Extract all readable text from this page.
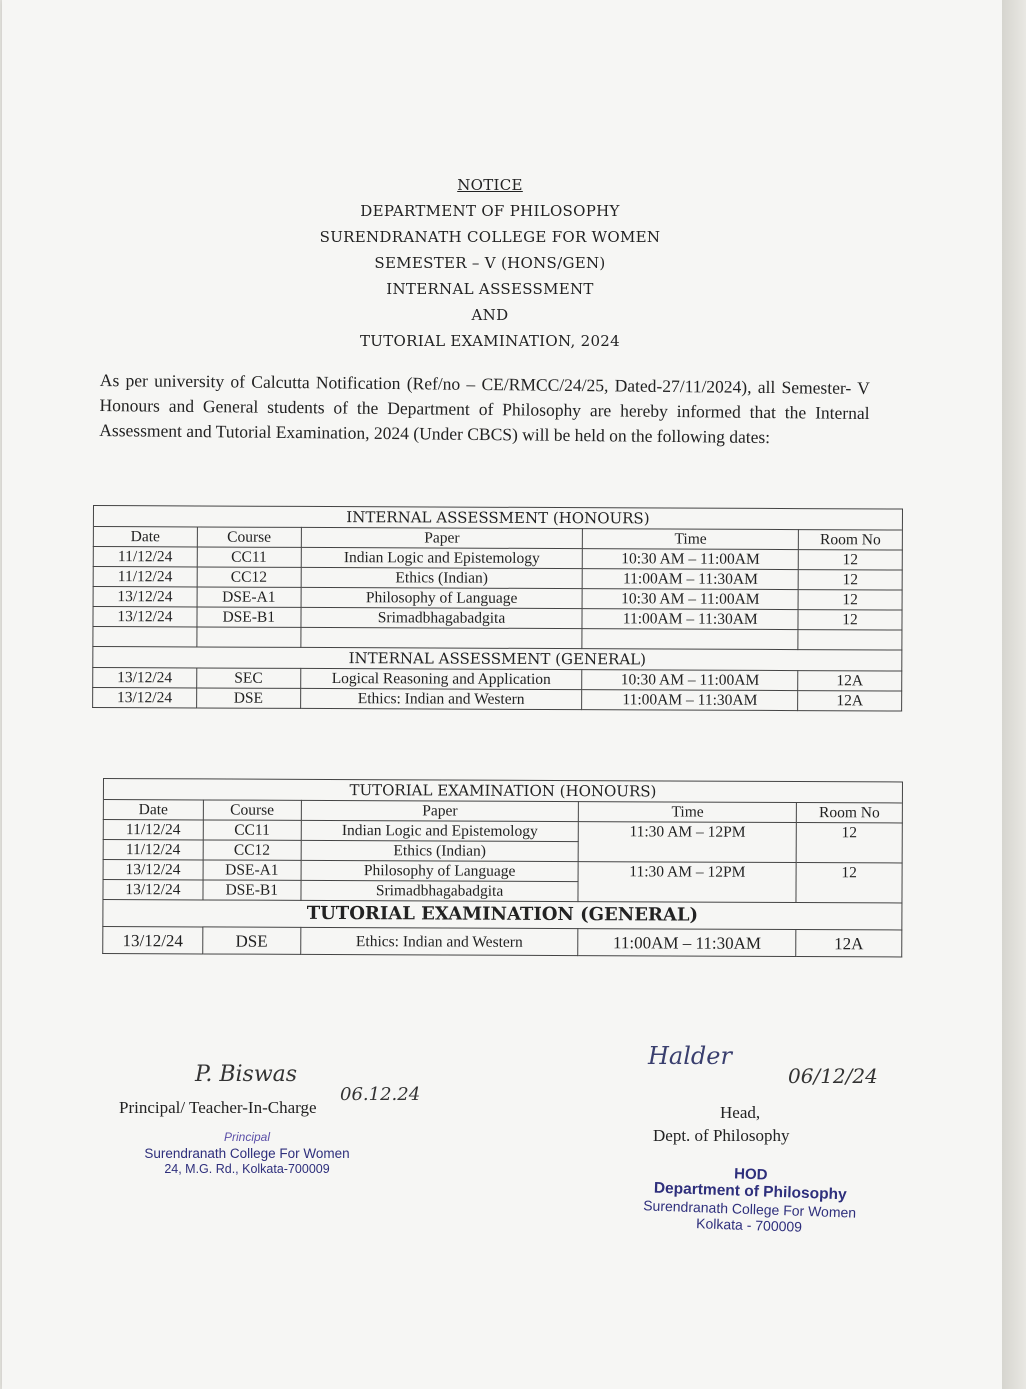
NOTICE
DEPARTMENT OF PHILOSOPHY
SURENDRANATH COLLEGE FOR WOMEN
SEMESTER – V (HONS/GEN)
INTERNAL ASSESSMENT
AND
TUTORIAL EXAMINATION, 2024
As per university of Calcutta Notification (Ref/no – CE/RMCC/24/25, Dated-27/11/2024), all Semester- V Honours and General students of the Department of Philosophy are hereby informed that the Internal Assessment and Tutorial Examination, 2024 (Under CBCS) will be held on the following dates:
INTERNAL ASSESSMENT (HONOURS)				
Date	Course	Paper	Time	Room No
11/12/24	CC11	Indian Logic and Epistemology	10:30 AM – 11:00AM	12
11/12/24	CC12	Ethics (Indian)	11:00AM – 11:30AM	12
13/12/24	DSE-A1	Philosophy of Language	10:30 AM – 11:00AM	12
13/12/24	DSE-B1	Srimadbhagabadgita	11:00AM – 11:30AM	12

INTERNAL ASSESSMENT (GENERAL)				
13/12/24	SEC	Logical Reasoning and Application	10:30 AM – 11:00AM	12A
13/12/24	DSE	Ethics: Indian and Western	11:00AM – 11:30AM	12A
TUTORIAL EXAMINATION (HONOURS)				
Date	Course	Paper	Time	Room No
11/12/24	CC11	Indian Logic and Epistemology	11:30 AM – 12PM	12
11/12/24	CC12	Ethics (Indian)		
13/12/24	DSE-A1	Philosophy of Language	11:30 AM – 12PM	12
13/12/24	DSE-B1	Srimadbhagabadgita		
TUTORIAL EXAMINATION (GENERAL)				
13/12/24	DSE	Ethics: Indian and Western	11:00AM – 11:30AM	12A
P. Biswas
06.12.24
Principal/ Teacher-In-Charge
Principal
Surendranath College For Women
24, M.G. Rd., Kolkata-700009
Halder
06/12/24
Head,
Dept. of Philosophy
HOD
Department of Philosophy
Surendranath College For Women
Kolkata - 700009
